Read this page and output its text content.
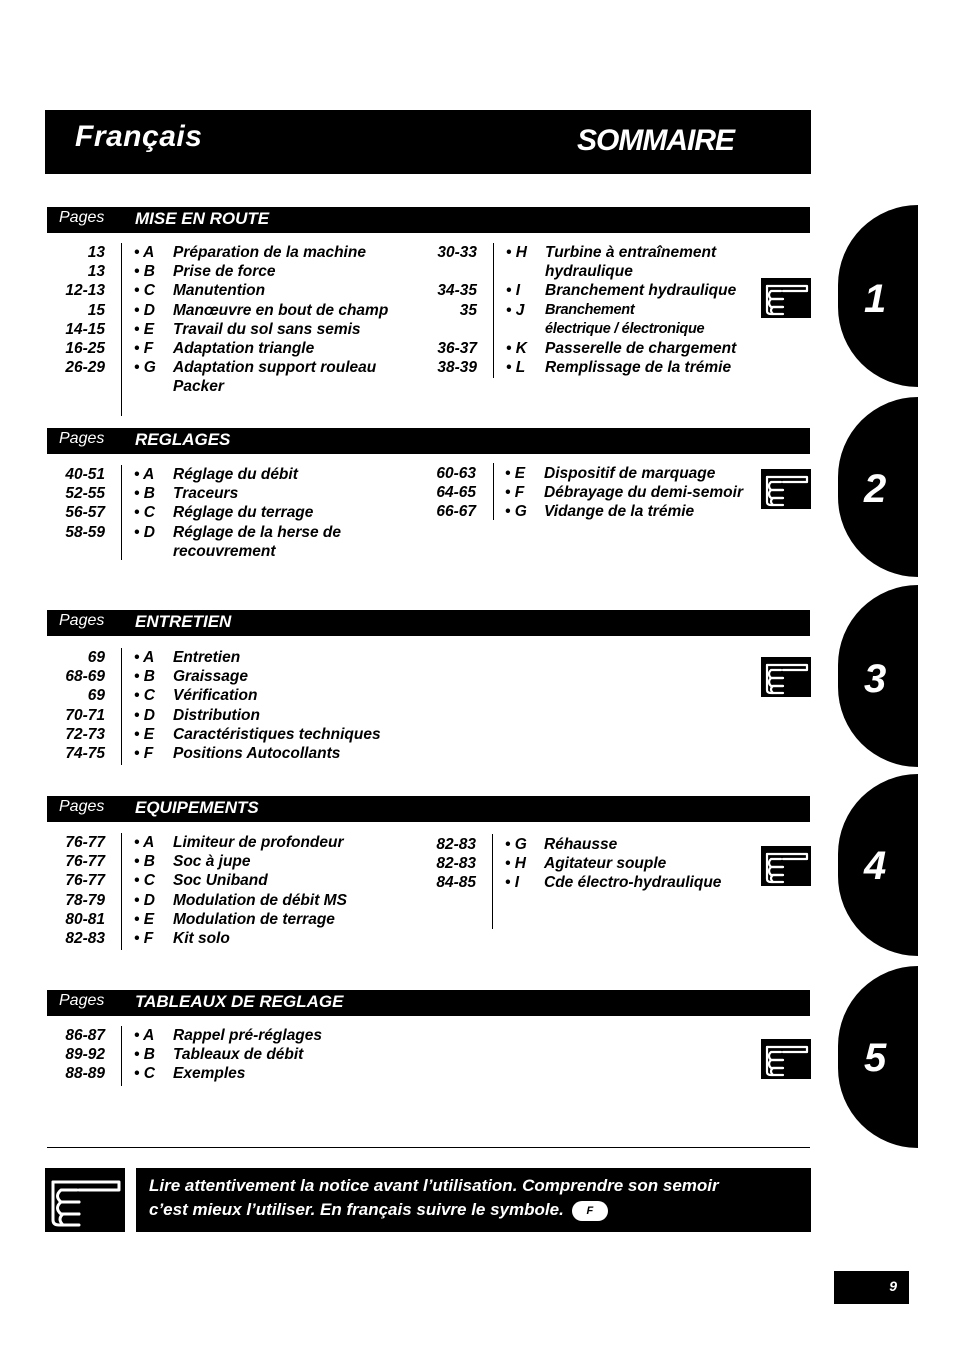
Français	SOMMAIRE
Pages MISE EN ROUTE
13 • A Préparation de la machine
13 • B Prise de force
12-13 • C Manutention
15 • D Manœuvre en bout de champ
14-15 • E Travail du sol sans semis
16-25 • F Adaptation triangle
26-29 • G Adaptation support rouleau
Packer
30-33 • H Turbine à entraînement
hydraulique
34-35 • I Branchement hydraulique
35 • J Branchement
électrique / électronique
36-37 • K Passerelle de chargement
38-39 • L Remplissage de la trémie
Pages REGLAGES
40-51 • A Réglage du débit
52-55 • B Traceurs
56-57 • C Réglage du terrage
58-59 • D Réglage de la herse de
recouvrement
60-63 • E Dispositif de marquage
64-65 • F Débrayage du demi-semoir
66-67 • G Vidange de la trémie
Pages ENTRETIEN
69 • A Entretien
68-69 • B Graissage
69 • C Vérification
70-71 • D Distribution
72-73 • E Caractéristiques techniques
74-75 • F Positions Autocollants
Pages EQUIPEMENTS
76-77 • A Limiteur de profondeur
76-77 • B Soc à jupe
76-77 • C Soc Uniband
78-79 • D Modulation de débit MS
80-81 • E Modulation de terrage
82-83 • F Kit solo
82-83 • G Réhausse
82-83 • H Agitateur souple
84-85 • I Cde électro-hydraulique
Pages TABLEAUX DE REGLAGE
86-87 • A Rappel pré-réglages
89-92 • B Tableaux de débit
88-89 • C Exemples
1
2
3
4
5
Lire attentivement la notice avant l’utilisation. Comprendre son semoir
c’est mieux l’utiliser. En français suivre le symbole. F
9
